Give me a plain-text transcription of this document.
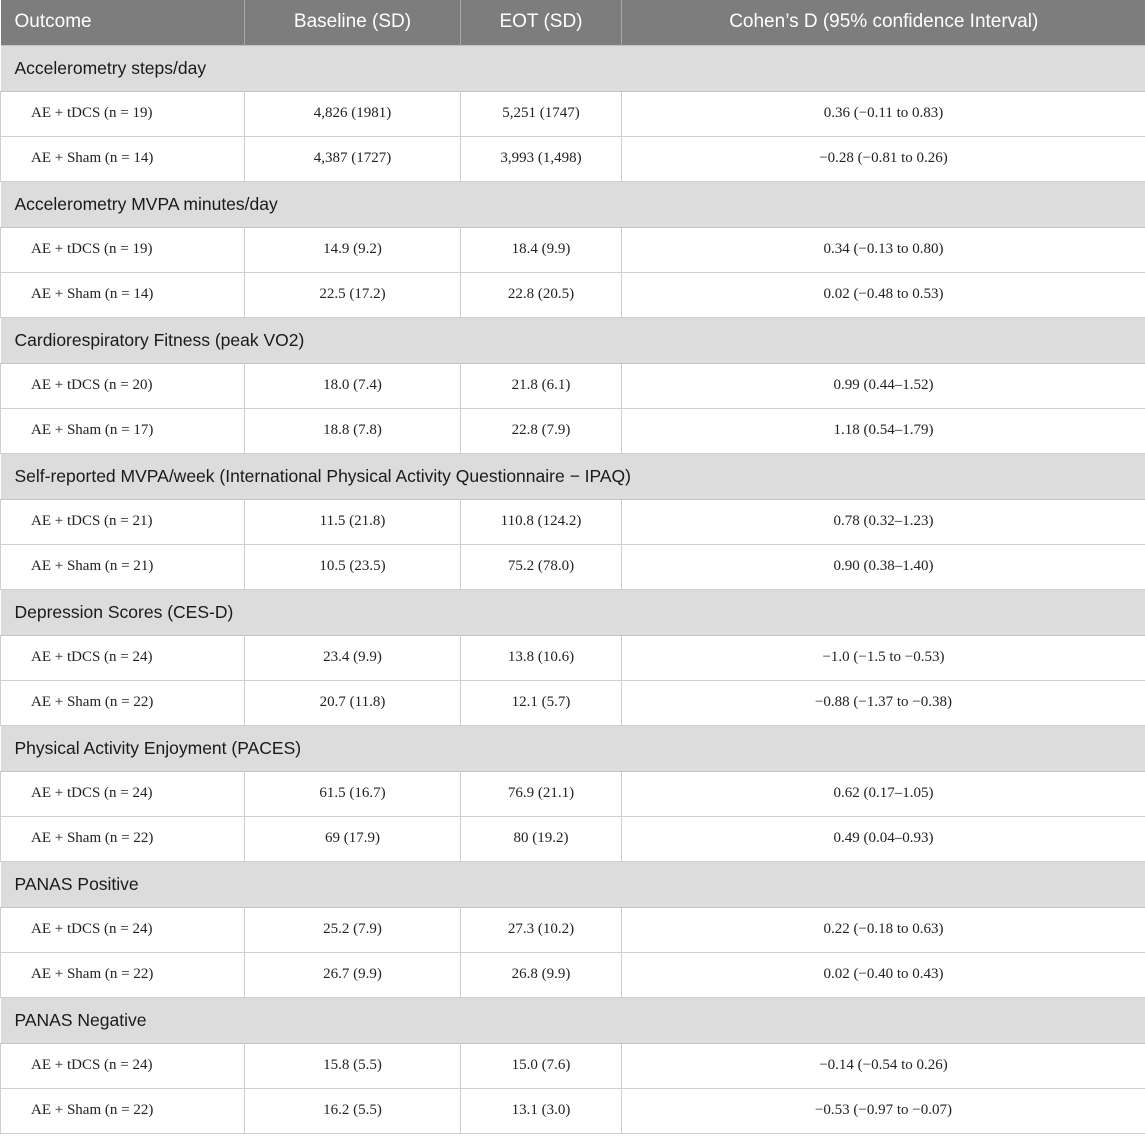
Outcome	Baseline (SD)	EOT (SD)	Cohen’s D (95% confidence Interval)
Accelerometry steps/day			
AE + tDCS (n = 19)	4,826 (1981)	5,251 (1747)	0.36 (−0.11 to 0.83)
AE + Sham (n = 14)	4,387 (1727)	3,993 (1,498)	−0.28 (−0.81 to 0.26)
Accelerometry MVPA minutes/day			
AE + tDCS (n = 19)	14.9 (9.2)	18.4 (9.9)	0.34 (−0.13 to 0.80)
AE + Sham (n = 14)	22.5 (17.2)	22.8 (20.5)	0.02 (−0.48 to 0.53)
Cardiorespiratory Fitness (peak VO2)			
AE + tDCS (n = 20)	18.0 (7.4)	21.8 (6.1)	0.99 (0.44–1.52)
AE + Sham (n = 17)	18.8 (7.8)	22.8 (7.9)	1.18 (0.54–1.79)
Self-reported MVPA/week (International Physical Activity Questionnaire − IPAQ)			
AE + tDCS (n = 21)	11.5 (21.8)	110.8 (124.2)	0.78 (0.32–1.23)
AE + Sham (n = 21)	10.5 (23.5)	75.2 (78.0)	0.90 (0.38–1.40)
Depression Scores (CES-D)			
AE + tDCS (n = 24)	23.4 (9.9)	13.8 (10.6)	−1.0 (−1.5 to −0.53)
AE + Sham (n = 22)	20.7 (11.8)	12.1 (5.7)	−0.88 (−1.37 to −0.38)
Physical Activity Enjoyment (PACES)			
AE + tDCS (n = 24)	61.5 (16.7)	76.9 (21.1)	0.62 (0.17–1.05)
AE + Sham (n = 22)	69 (17.9)	80 (19.2)	0.49 (0.04–0.93)
PANAS Positive			
AE + tDCS (n = 24)	25.2 (7.9)	27.3 (10.2)	0.22 (−0.18 to 0.63)
AE + Sham (n = 22)	26.7 (9.9)	26.8 (9.9)	0.02 (−0.40 to 0.43)
PANAS Negative			
AE + tDCS (n = 24)	15.8 (5.5)	15.0 (7.6)	−0.14 (−0.54 to 0.26)
AE + Sham (n = 22)	16.2 (5.5)	13.1 (3.0)	−0.53 (−0.97 to −0.07)
